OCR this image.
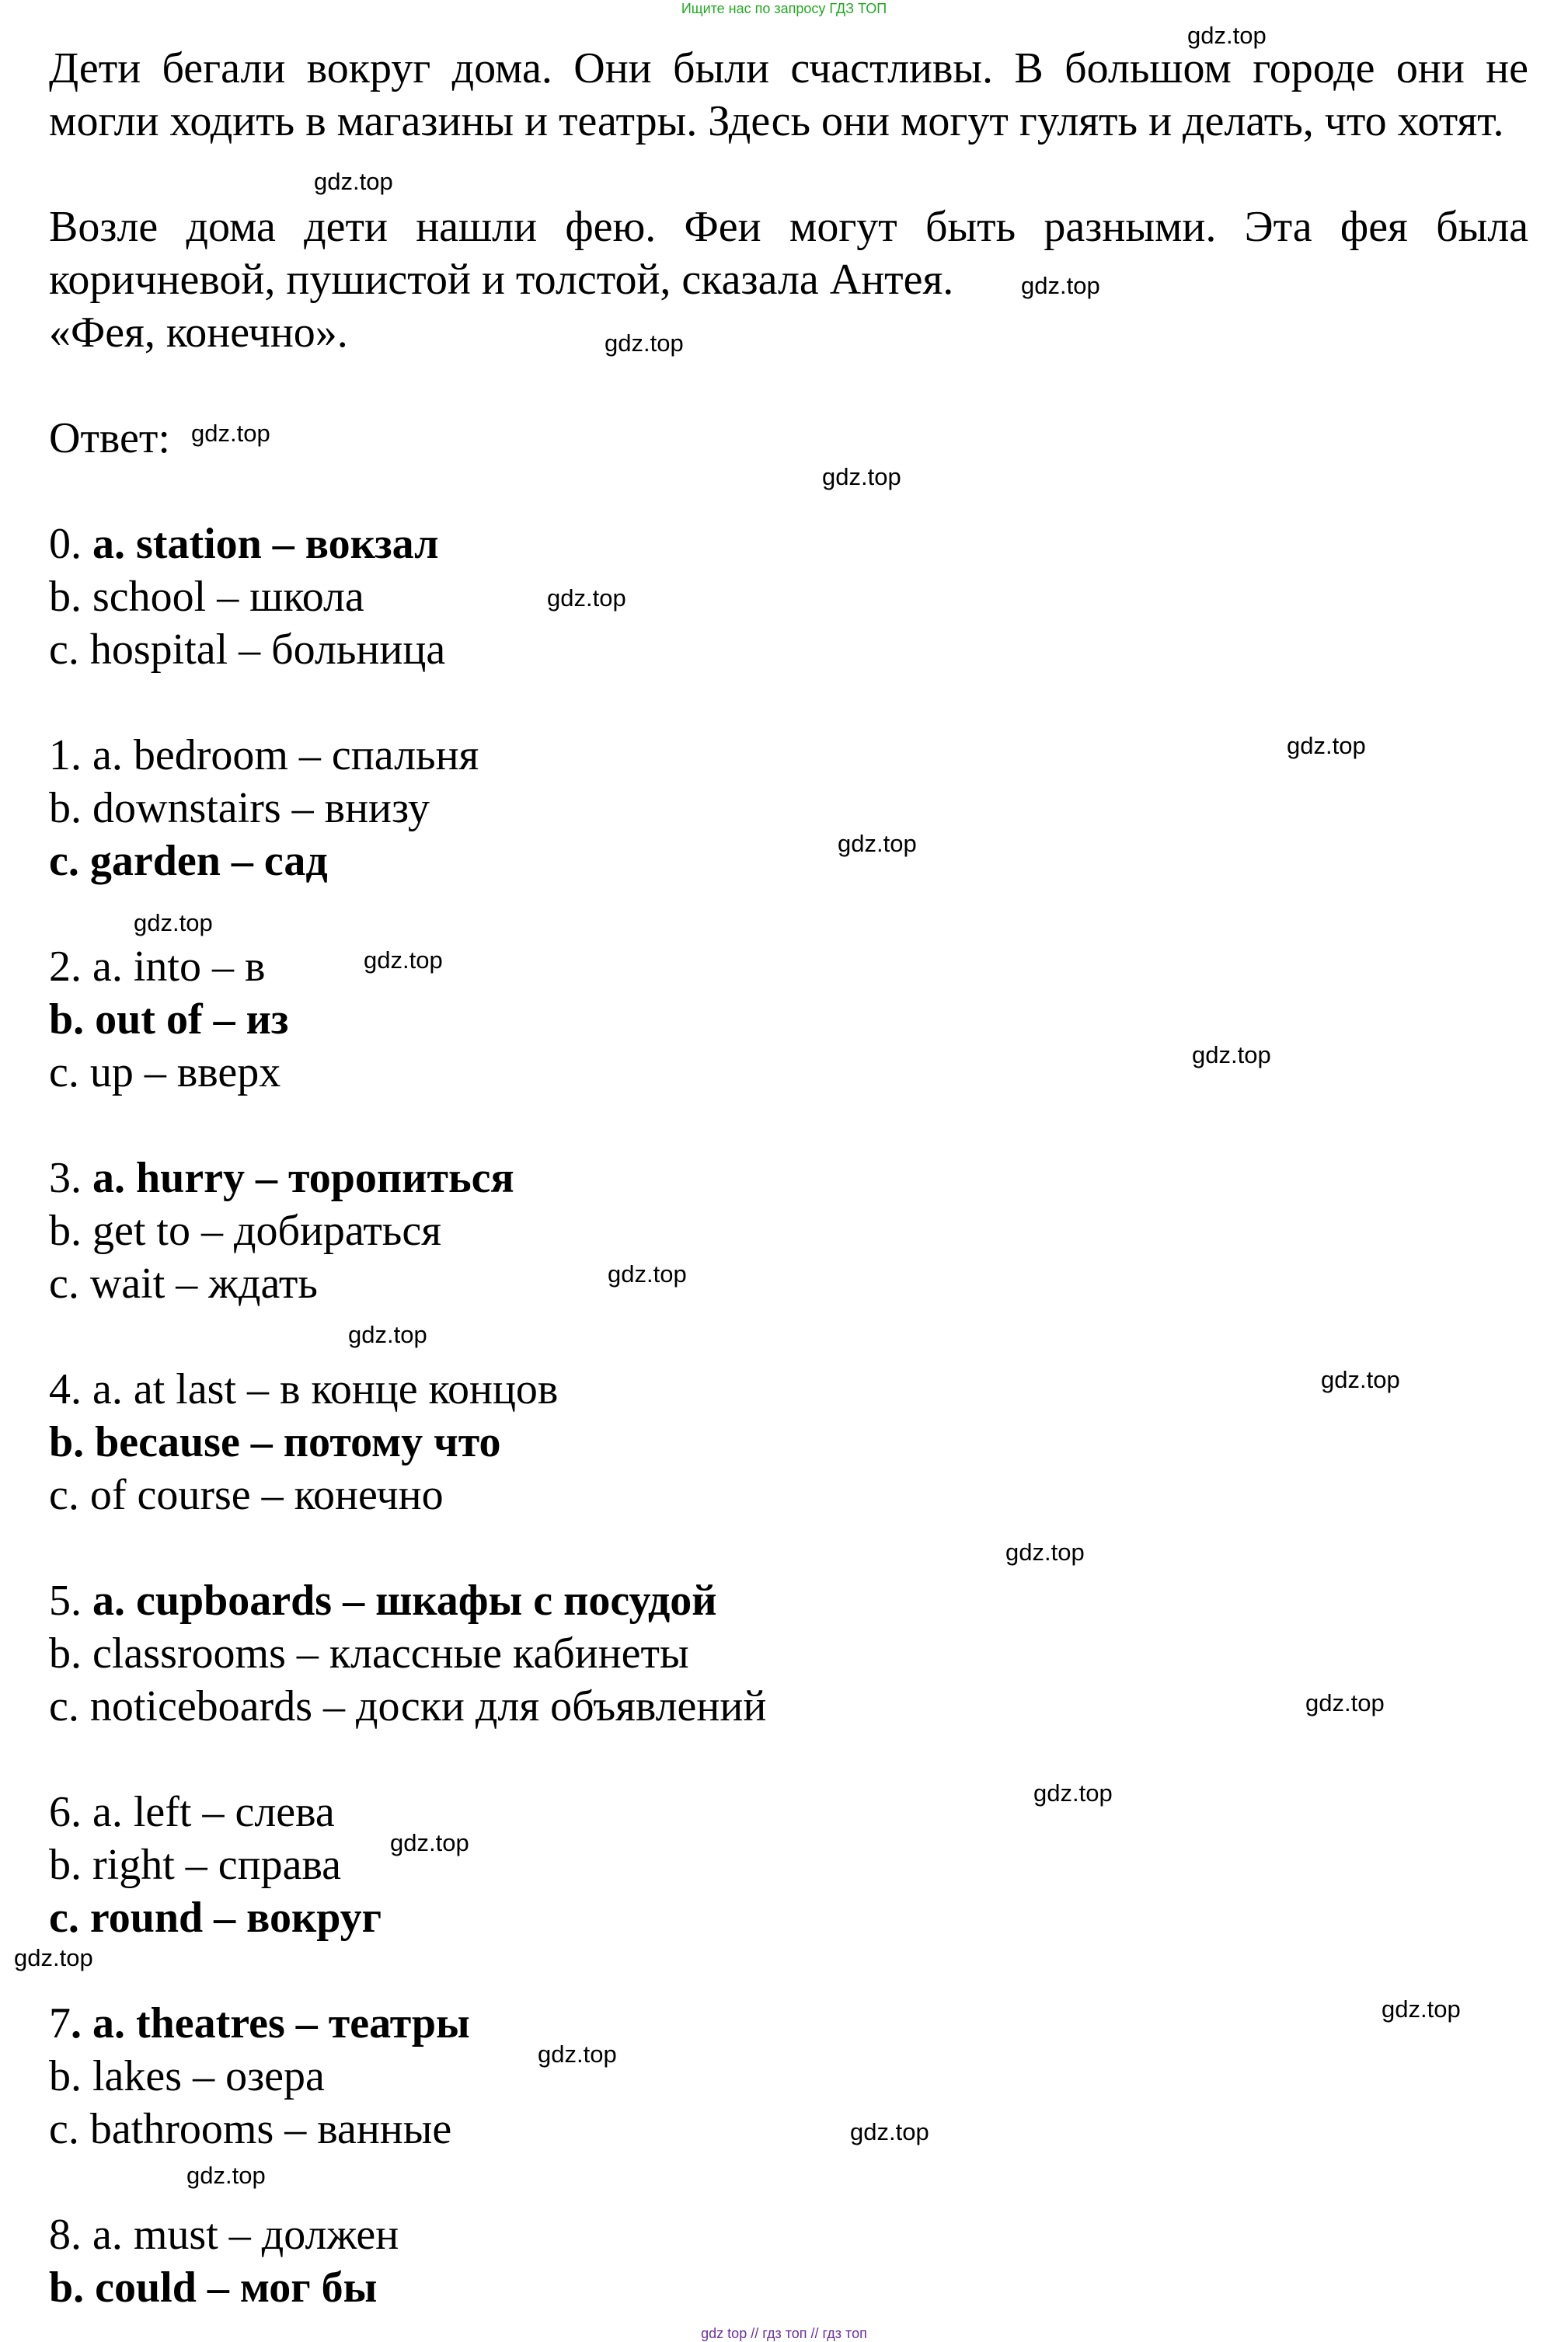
Ищите нас по запросу ГДЗ ТОП
Дети бегали вокруг дома. Они были счастливы. В большом городе они не могли ходить в магазины и театры. Здесь они могут гулять и делать, что хотят.
Возле дома дети нашли фею. Феи могут быть разными. Эта фея была коричневой, пушистой и толстой, сказала Антея.
«Фея, конечно».
Ответ:
0. a. station – вокзал
b. school – школа
c. hospital – больница
1. a. bedroom – спальня
b. downstairs – внизу
c. garden – сад
2. a. into – в
b. out of – из
c. up – вверх
3. a. hurry – торопиться
b. get to – добираться
c. wait – ждать
4. a. at last – в конце концов
b. because – потому что
c. of course – конечно
5. a. cupboards – шкафы с посудой
b. classrooms – классные кабинеты
c. noticeboards – доски для объявлений
6. a. left – слева
b. right – справа
c. round – вокруг
7. a. theatres – театры
b. lakes – озера
c. bathrooms – ванные
8. a. must – должен
b. could – мог бы
gdz.top
gdz.top
gdz.top
gdz.top
gdz.top
gdz.top
gdz.top
gdz.top
gdz.top
gdz.top
gdz.top
gdz.top
gdz.top
gdz.top
gdz.top
gdz.top
gdz.top
gdz.top
gdz.top
gdz.top
gdz.top
gdz.top
gdz.top
gdz.top
gdz top // гдз топ // гдз топ
